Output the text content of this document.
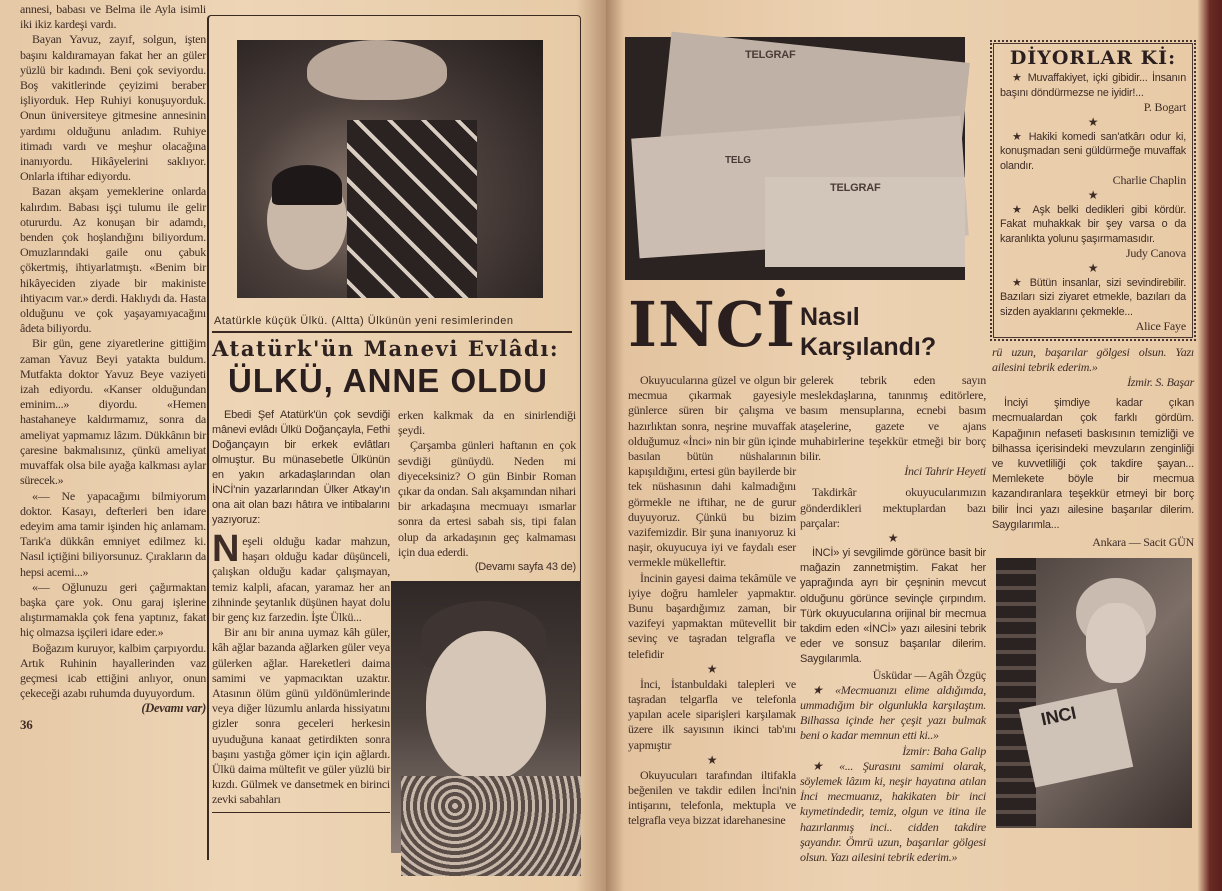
annesi, babası ve Belma ile Ayla isimli iki ikiz kardeşi vardı.

Bayan Yavuz, zayıf, solgun, işten başını kaldıramayan fakat her an güler yüzlü bir kadındı. Beni çok seviyordu. Boş vakitlerinde çeyizimi beraber işliyorduk. Hep Ruhiyi konuşuyorduk. Onun üniversiteye gitmesine annesinin yardımı olduğunu anladım. Ruhiye itimadı vardı ve meşhur olacağına inanıyordu. Hikâyelerini saklıyor. Onlarla iftihar ediyordu.

Bazan akşam yemeklerine onlarda kalırdım. Babası işçi tulumu ile gelir otururdu. Az konuşan bir adamdı, benden çok hoşlandığını biliyordum. Omuzlarındaki gaile onu çabuk çökertmiş, ihtiyarlatmıştı. «Benim bir hikâyeciden ziyade bir makiniste ihtiyacım var.» derdi. Haklıydı da. Hasta olduğunu ve çok yaşayamıyacağını âdeta biliyordu.

Bir gün, gene ziyaretlerine gittiğim zaman Yavuz Beyi yatakta buldum. Mutfakta doktor Yavuz Beye vaziyeti izah ediyordu. «Kanser olduğundan eminim...» diyordu. «Hemen hastahaneye kaldırmamız, sonra da ameliyat yapmamız lâzım. Dükkânın bir çaresine bakmalısınız, çünkü ameliyat muvaffak olsa bile ayağa kalkması aylar sürecek.»

«— Ne yapacağımı bilmiyorum doktor. Kasayı, defterleri ben idare edeyim ama tamir işinden hiç anlamam. Tarık'a dükkân emniyet edilmez ki. Nasıl içtiğini biliyorsunuz. Çırakların da hepsi acemi...»

«— Oğlunuzu geri çağırmaktan başka çare yok. Onu garaj işlerine alıştırmamakla çok fena yaptınız, fakat hiç olmazsa işçileri idare eder.»

Boğazım kuruyor, kalbim çarpıyordu. Artık Ruhinin hayallerinden vaz geçmesi icab ettiğini anlıyor, onun çekeceği azabı ruhumda duyuyordum.

(Devamı var)
36
Atatürkle küçük Ülkü. (Altta) Ülkünün yeni resimlerinden
Atatürk'ün Manevi Evlâdı:
ÜLKÜ, ANNE OLDU

Ebedi Şef Atatürk'ün çok sevdiği mânevi evlâdı Ülkü Doğançayla, Fethi Doğançayın bir erkek evlâtları olmuştur. Bu münasebetle Ülkünün en yakın arkadaşlarından olan İNCİ'nin yazarlarından Ülker Atkay'ın ona ait olan bazı hâtıra ve intibalarını yazıyoruz:

N eşeli olduğu kadar mahzun, haşarı olduğu kadar düşünceli, çalışkan olduğu kadar çalışmayan, temiz kalpli, afacan, yaramaz her an zihninde şeytanlık düşünen hayat dolu bir genç kız farzedin. İşte Ülkü...

Bir anı bir anına uymaz kâh güler, kâh ağlar bazanda ağlarken güler veya gülerken ağlar. Hareketleri daima samimi ve yapmacıktan uzaktır. Atasının ölüm günü yıldönümlerinde veya diğer lüzumlu anlarda hissiyatını gizler sonra geceleri herkesin uyuduğuna kanaat getirdikten sonra başını yastığa gömer için için ağlardı. Ülkü daima mültefit ve güler yüzlü bir kızdı. Gülmek ve dansetmek en birinci zevki sabahları

erken kalkmak da en sinirlendiği şeydi.

Çarşamba günleri haftanın en çok sevdiği günüydü. Neden mi diyeceksiniz? O gün Binbir Roman çıkar da ondan. Salı akşamından nihari bir arkadaşına mecmuayı ısmarlar sonra da ertesi sabah sis, tipi falan olup da arkadaşının geç kalmaması için dua ederdi.

(Devamı sayfa 43 de)
TELGRAF
TELGRAF
TELG
INCİ Nasıl
Karşılandı?

Okuyucularına güzel ve olgun bir mecmua çıkarmak gayesiyle günlerce süren bir çalışma ve hazırlıktan sonra, neşrine muvaffak olduğumuz «İnci» nin bir gün içinde basılan bütün nüshalarının kapışıldığını, ertesi gün bayilerde bir tek nüshasının dahi kalmadığını görmekle ne iftihar, ne de gurur duyuyoruz. Çünkü bu bizim vazifemizdir. Bir şuna inanıyoruz ki naşir, okuyucuya iyi ve faydalı eser vermekle mükelleftir.

İncinin gayesi daima tekâmüle ve iyiye doğru hamleler yapmaktır. Bunu başardığımız zaman, bir vazifeyi yapmaktan mütevellit bir sevinç ve taşradan telgrafla ve telefidir

★

İnci, İstanbuldaki talepleri ve taşradan telgarfla ve telefonla yapılan acele siparişleri karşılamak üzere ilk sayısının ikinci tab'ını yapmıştır

★

Okuyucuları tarafından iltifakla beğenilen ve takdir edilen İnci'nin intişarını, telefonla, mektupla ve telgrafla veya bizzat idarehanesine

gelerek tebrik eden sayın meslekdaşlarına, tanınmış editörlere, basım mensuplarına, ecnebi basım ataşelerine, gazete ve ajans muhabirlerine teşekkür etmeği bir borç bilir.

İnci Tahrir Heyeti

Takdirkâr okuyucularımızın gönderdikleri mektuplardan bazı parçalar:

★

İNCİ» yi sevgilimde görünce basit bir mağazin zannetmiştim. Fakat her yaprağında ayrı bir çeşninin mevcut olduğunu görünce sevinçle çırpındım. Türk okuyucularına orijinal bir mecmua takdim eden «İNCİ» yazı ailesini tebrik eder ve sonsuz başarılar dilerim. Saygılarımla.

Üsküdar — Agâh Özgüç

★ «Mecmuanızı elime aldığımda, ummadığım bir olgunlukla karşılaştım. Bilhassa içinde her çeşit yazı bulmak beni o kadar memnun etti ki..»

İzmir: Baha Galip

★ «... Şurasını samimi olarak, söylemek lâzım ki, neşir hayatına atılan İnci mecmuanız, hakikaten bir inci kıymetindedir, temiz, olgun ve itina ile hazırlanmış inci.. cidden takdire şayandır. Ömrü uzun, başarılar gölgesi olsun. Yazı ailesini tebrik ederim.»

DİYORLAR Kİ:

★ Muvaffakiyet, içki gibidir... İnsanın başını döndürmezse ne iyidir!...

P. Bogart
★

★ Hakiki komedi san'atkârı odur ki, konuşmadan seni güldürmeğe muvaffak olandır.

Charlie Chaplin
★

★ Aşk belki dedikleri gibi kördür. Fakat muhakkak bir şey varsa o da karanlıkta yolunu şaşırmamasıdır.

Judy Canova
★

★ Bütün insanlar, sizi sevindirebilir. Bazıları sizi ziyaret etmekle, bazıları da sizden ayaklarını çekmekle...

Alice Faye

rü uzun, başarılar gölgesi olsun. Yazı ailesini tebrik ederim.»

İzmir. S. Başar

İnciyi şimdiye kadar çıkan mecmualardan çok farklı gördüm. Kapağının nefaseti baskısının temizliği ve bilhassa içerisindeki mevzuların zenginliği ve kuvvetliliği çok takdire şayan... Memlekete böyle bir mecmua kazandıranlara teşekkür etmeyi bir borç bilir İnci yazı ailesine başarılar dilerim. Saygılarımla...

Ankara — Sacit GÜN
INCI
